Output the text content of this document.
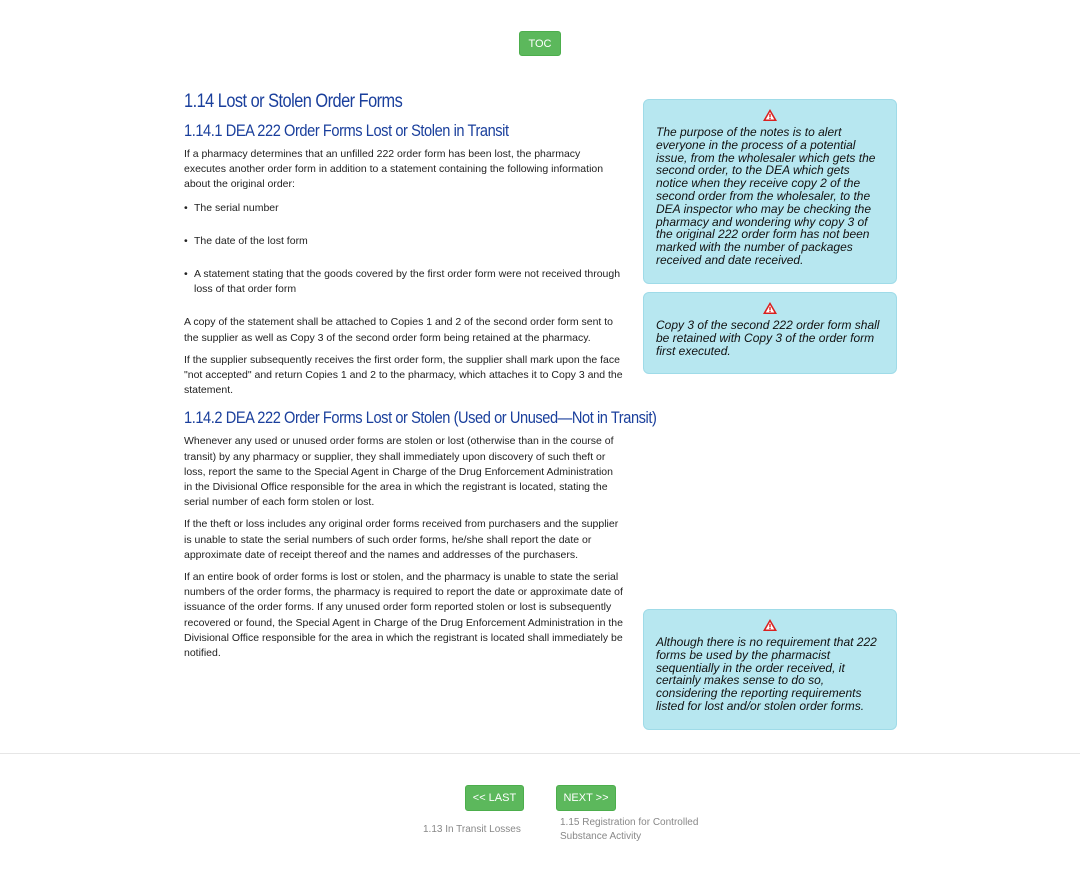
TOC
1.14 Lost or Stolen Order Forms
1.14.1 DEA 222 Order Forms Lost or Stolen in Transit

If a pharmacy determines that an unfilled 222 order form has been lost, the pharmacy executes another order form in addition to a statement containing the following information about the original order:

• The serial number
• The date of the lost form
• A statement stating that the goods covered by the first order form were not received through loss of that order form

A copy of the statement shall be attached to Copies 1 and 2 of the second order form sent to the supplier as well as Copy 3 of the second order form being retained at the pharmacy.

If the supplier subsequently receives the first order form, the supplier shall mark upon the face "not accepted" and return Copies 1 and 2 to the pharmacy, which attaches it to Copy 3 and the statement.

1.14.2 DEA 222 Order Forms Lost or Stolen (Used or Unused—Not in Transit)

Whenever any used or unused order forms are stolen or lost (otherwise than in the course of transit) by any pharmacy or supplier, they shall immediately upon discovery of such theft or loss, report the same to the Special Agent in Charge of the Drug Enforcement Administration in the Divisional Office responsible for the area in which the registrant is located, stating the serial number of each form stolen or lost.

If the theft or loss includes any original order forms received from purchasers and the supplier is unable to state the serial numbers of such order forms, he/she shall report the date or approximate date of receipt thereof and the names and addresses of the purchasers.

If an entire book of order forms is lost or stolen, and the pharmacy is unable to state the serial numbers of the order forms, the pharmacy is required to report the date or approximate date of issuance of the order forms. If any unused order form reported stolen or lost is subsequently recovered or found, the Special Agent in Charge of the Drug Enforcement Administration in the Divisional Office responsible for the area in which the registrant is located shall immediately be notified.

The purpose of the notes is to alert everyone in the process of a potential issue, from the wholesaler which gets the second order, to the DEA which gets notice when they receive copy 2 of the second order from the wholesaler, to the DEA inspector who may be checking the pharmacy and wondering why copy 3 of the original 222 order form has not been marked with the number of packages received and date received.
Copy 3 of the second 222 order form shall be retained with Copy 3 of the order form first executed.
Although there is no requirement that 222 forms be used by the pharmacist sequentially in the order received, it certainly makes sense to do so, considering the reporting requirements listed for lost and/or stolen order forms.
<< LAST	NEXT >>
1.13 In Transit Losses
1.15 Registration for Controlled Substance Activity
